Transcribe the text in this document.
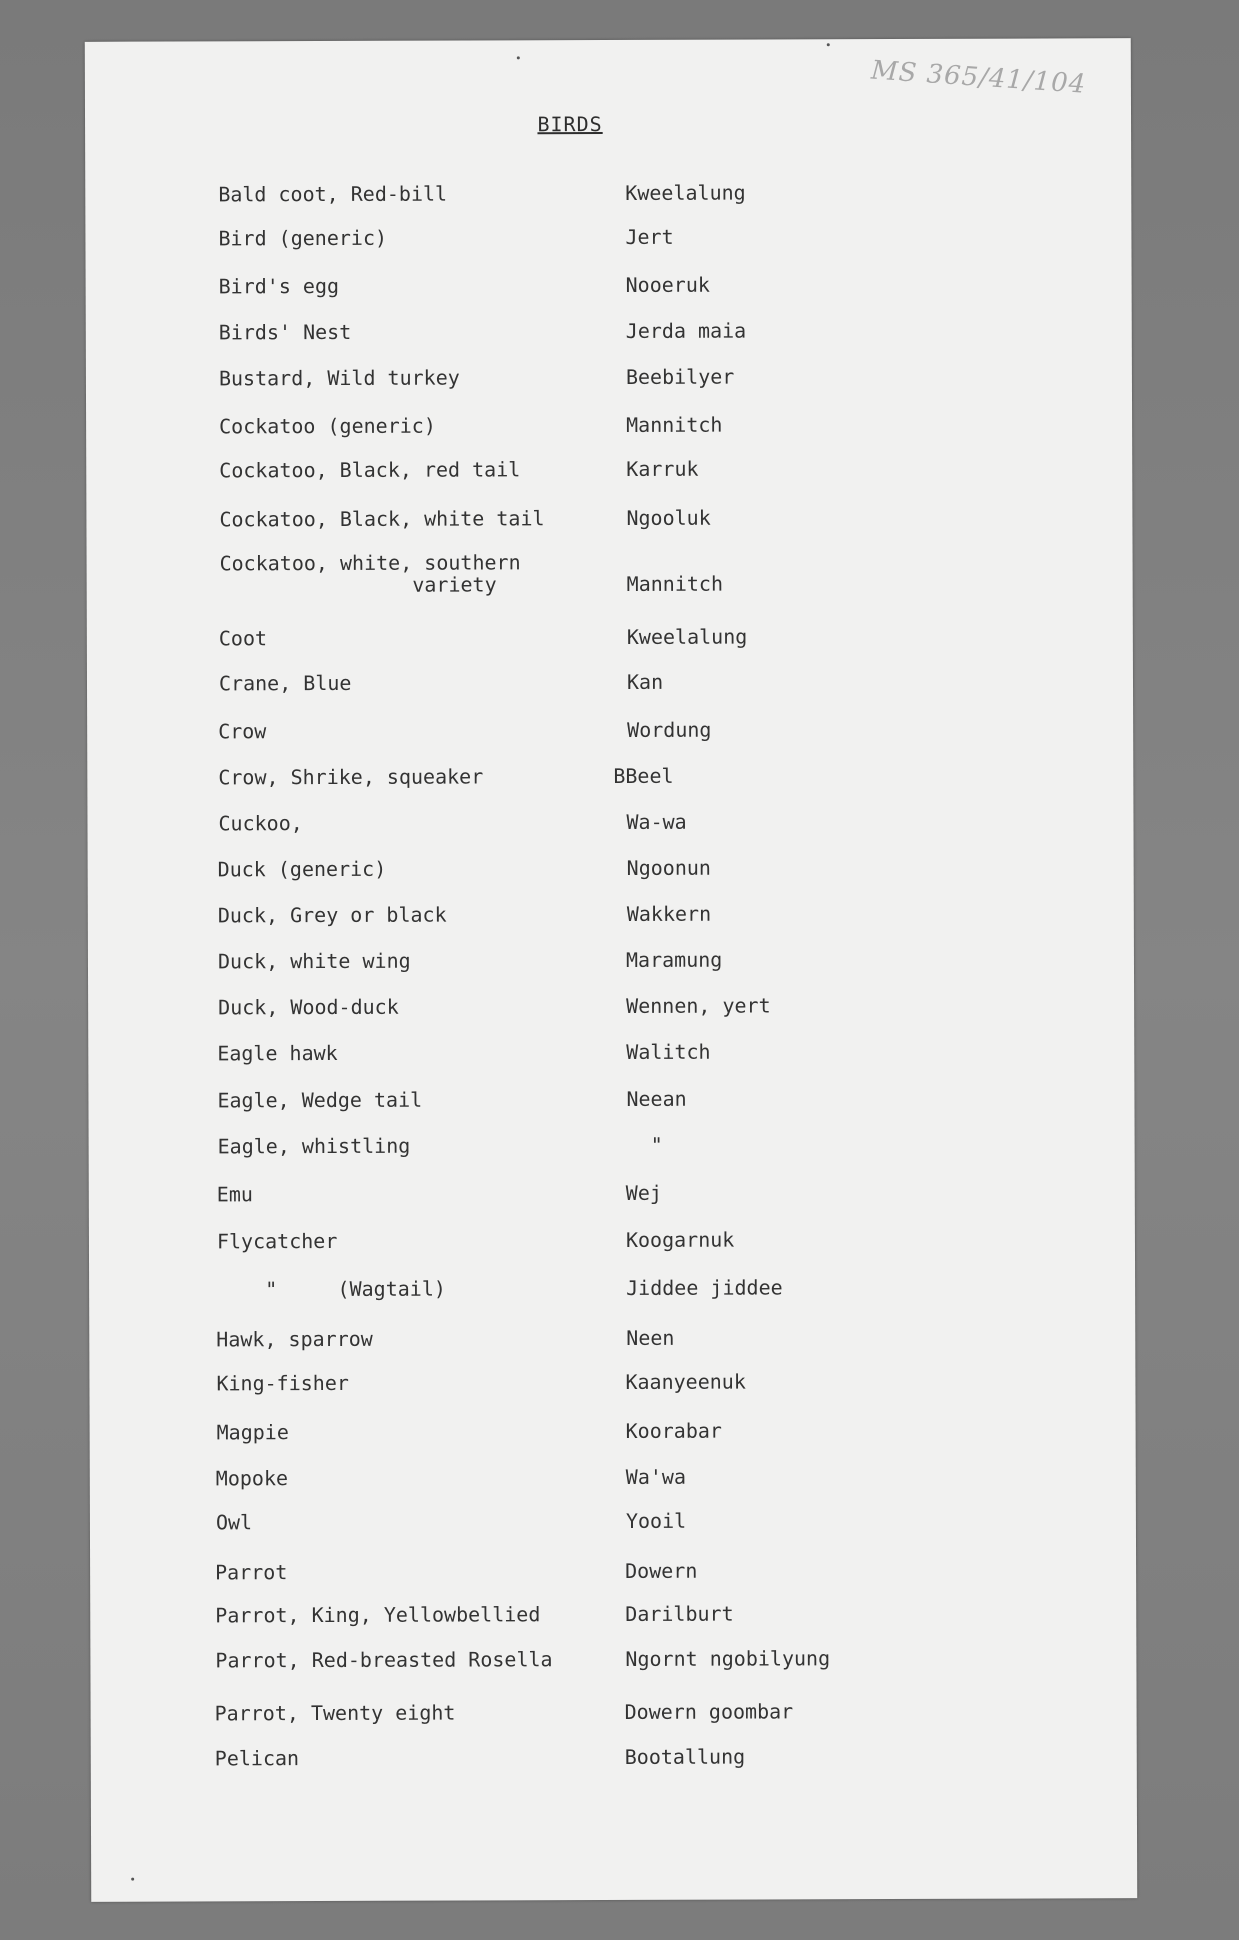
MS 365/41/104
BIRDS
Bald coot, Red-bill	Kweelalung
Bird (generic)	Jert
Bird's egg	Nooeruk
Birds' Nest	Jerda maia
Bustard, Wild turkey	Beebilyer
Cockatoo (generic)	Mannitch
Cockatoo, Black, red tail	Karruk
Cockatoo, Black, white tail	Ngooluk
Cockatoo, white, southern
variety	Mannitch
Coot	Kweelalung
Crane, Blue	Kan
Crow	Wordung
Crow, Shrike, squeaker	BBeel
Cuckoo,	Wa-wa
Duck (generic)	Ngoonun
Duck, Grey or black	Wakkern
Duck, white wing	Maramung
Duck, Wood-duck	Wennen, yert
Eagle hawk	Walitch
Eagle, Wedge tail	Neean
Eagle, whistling	"
Emu	Wej
Flycatcher	Koogarnuk
"     (Wagtail)	Jiddee jiddee
Hawk, sparrow	Neen
King-fisher	Kaanyeenuk
Magpie	Koorabar
Mopoke	Wa'wa
Owl	Yooil
Parrot	Dowern
Parrot, King, Yellowbellied	Darilburt
Parrot, Red-breasted Rosella	Ngornt ngobilyung
Parrot, Twenty eight	Dowern goombar
Pelican	Bootallung
